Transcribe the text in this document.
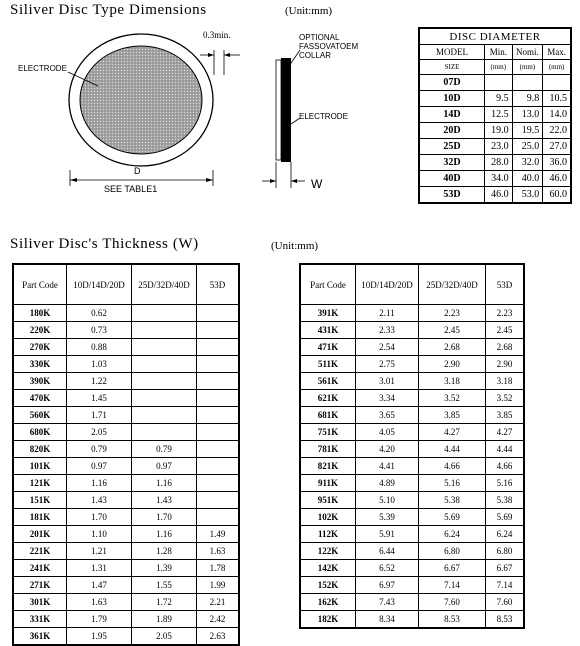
Siliver Disc Type Dimensions	(Unit:mm)
Siliver Disc's Thickness (W)	(Unit:mm)
ELECTRODE
0.3min.	OPTIONAL
FASSOVATOEM
COLLAR
ELECTRODE
D
SEE TABLE1	W
DISC DIAMETER			
MODEL	Min.	Nomi.	Max.
SIZE	(mm)	(mm)	(mm)
07D			
10D	9.5	9.8	10.5
14D	12.5	13.0	14.0
20D	19.0	19.5	22.0
25D	23.0	25.0	27.0
32D	28.0	32.0	36.0
40D	34.0	40.0	46.0
53D	46.0	53.0	60.0
Part Code	10D/14D/20D	25D/32D/40D	53D
180K	0.62		
220K	0.73		
270K	0.88		
330K	1.03		
390K	1.22		
470K	1.45		
560K	1.71		
680K	2.05		
820K	0.79	0.79	
101K	0.97	0.97	
121K	1.16	1.16	
151K	1.43	1.43	
181K	1.70	1.70	
201K	1.10	1.16	1.49
221K	1.21	1.28	1.63
241K	1.31	1.39	1.78
271K	1.47	1.55	1.99
301K	1.63	1.72	2.21
331K	1.79	1.89	2.42
361K	1.95	2.05	2.63
Part Code	10D/14D/20D	25D/32D/40D	53D
391K	2.11	2.23	2.23
431K	2.33	2.45	2.45
471K	2.54	2.68	2.68
511K	2.75	2.90	2.90
561K	3.01	3.18	3.18
621K	3.34	3.52	3.52
681K	3.65	3.85	3.85
751K	4.05	4.27	4.27
781K	4.20	4.44	4.44
821K	4.41	4.66	4.66
911K	4.89	5.16	5.16
951K	5.10	5.38	5.38
102K	5.39	5.69	5.69
112K	5.91	6.24	6.24
122K	6.44	6.80	6.80
142K	6.52	6.67	6.67
152K	6.97	7.14	7.14
162K	7.43	7.60	7.60
182K	8.34	8.53	8.53
